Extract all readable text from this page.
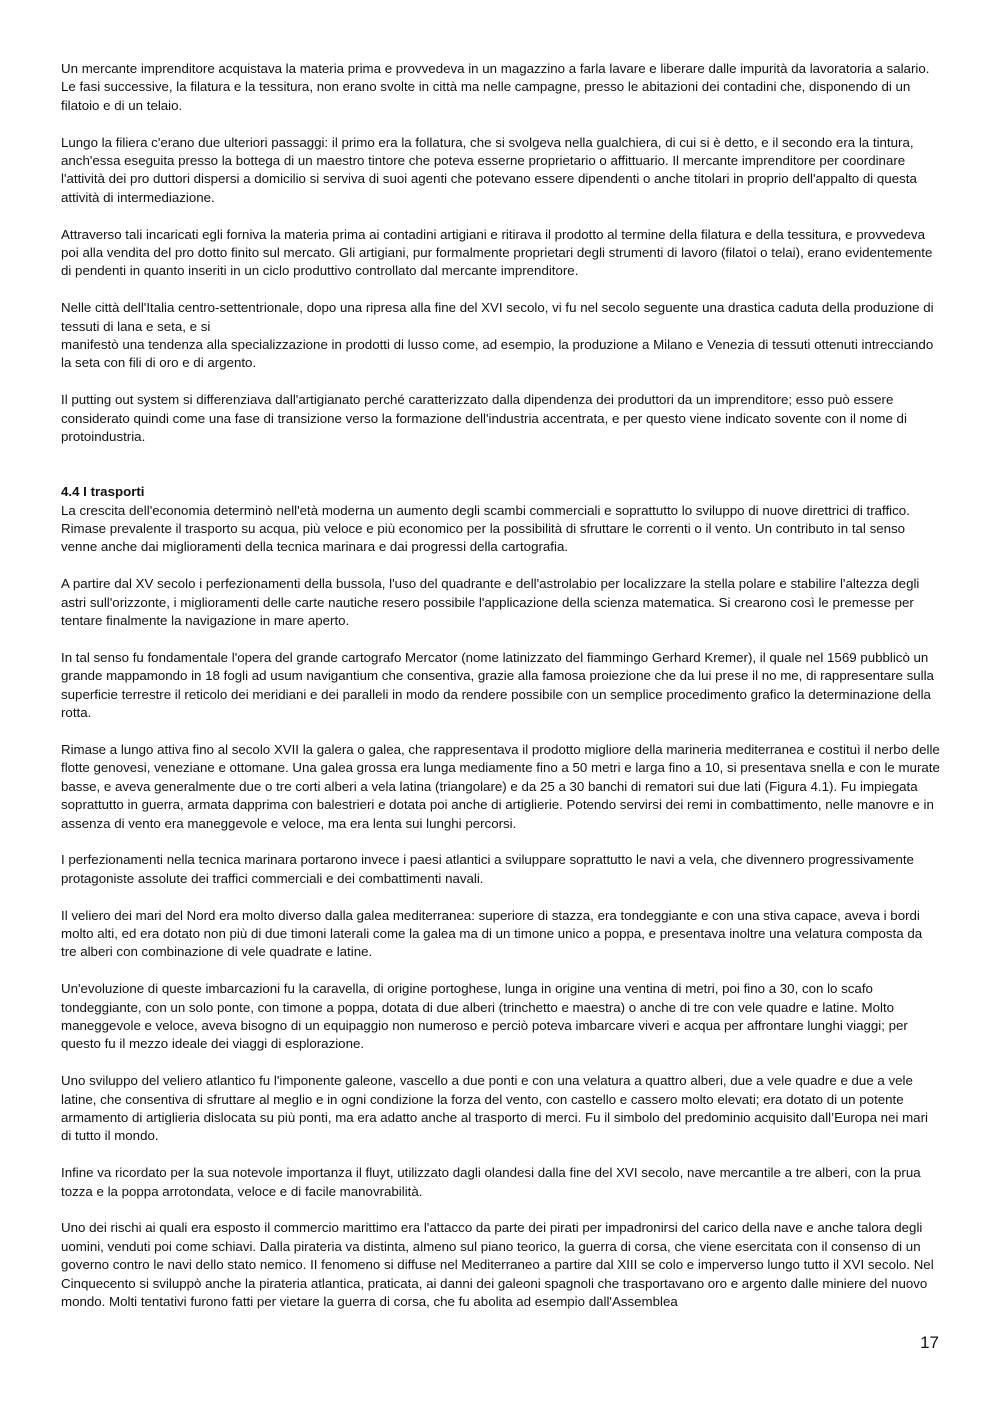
Un mercante imprenditore acquistava la materia prima e provvedeva in un magazzino a farla lavare e liberare dalle impurità da lavoratoria a salario. Le fasi successive, la filatura e la tessitura, non erano svolte in città ma nelle campagne, presso le abitazioni dei contadini che, disponendo di un filatoio e di un telaio.

Lungo la filiera c'erano due ulteriori passaggi: il primo era la follatura, che si svolgeva nella gualchiera, di cui si è detto, e il secondo era la tintura, anch'essa eseguita presso la bottega di un maestro tintore che poteva esserne proprietario o affittuario. Il mercante imprenditore per coordinare l'attività dei pro duttori dispersi a domicilio si serviva di suoi agenti che potevano essere dipendenti o anche titolari in proprio dell'appalto di questa attività di intermediazione.

Attraverso tali incaricati egli forniva la materia prima ai contadini artigiani e ritirava il prodotto al termine della filatura e della tessitura, e provvedeva poi alla vendita del pro dotto finito sul mercato. Gli artigiani, pur formalmente proprietari degli strumenti di lavoro (filatoi o telai), erano evidentemente di pendenti in quanto inseriti in un ciclo produttivo controllato dal mercante imprenditore.

Nelle città dell'Italia centro-settentrionale, dopo una ripresa alla fine del XVI secolo, vi fu nel secolo seguente una drastica caduta della produzione di tessuti di lana e seta, e si
manifestò una tendenza alla specializzazione in prodotti di lusso come, ad esempio, la produzione a Milano e Venezia di tessuti ottenuti intrecciando la seta con fili di oro e di argento.

Il putting out system si differenziava dall'artigianato perché caratterizzato dalla dipendenza dei produttori da un imprenditore; esso può essere considerato quindi come una fase di transizione verso la formazione dell'industria accentrata, e per questo viene indicato sovente con il nome di protoindustria.

4.4 I trasporti
La crescita dell'economia determinò nell'età moderna un aumento degli scambi commerciali e soprattutto lo sviluppo di nuove direttrici di traffico. Rimase prevalente il trasporto su acqua, più veloce e più economico per la possibilità di sfruttare le correnti o il vento. Un contributo in tal senso venne anche dai miglioramenti della tecnica marinara e dai progressi della cartografia.

A partire dal XV secolo i perfezionamenti della bussola, l'uso del quadrante e dell'astrolabio per localizzare la stella polare e stabilire l'altezza degli astri sull'orizzonte, i miglioramenti delle carte nautiche resero possibile l'applicazione della scienza matematica. Si crearono così le premesse per tentare finalmente la navigazione in mare aperto.

In tal senso fu fondamentale l'opera del grande cartografo Mercator (nome latinizzato del fiammingo Gerhard Kremer), il quale nel 1569 pubblicò un grande mappamondo in 18 fogli ad usum navigantium che consentiva, grazie alla famosa proiezione che da lui prese il no me, di rappresentare sulla superficie terrestre il reticolo dei meridiani e dei paralleli in modo da rendere possibile con un semplice procedimento grafico la determinazione della rotta.

Rimase a lungo attiva fino al secolo XVII la galera o galea, che rappresentava il prodotto migliore della marineria mediterranea e costituì il nerbo delle flotte genovesi, veneziane e ottomane. Una galea grossa era lunga mediamente fino a 50 metri e larga fino a 10, si presentava snella e con le murate basse, e aveva generalmente due o tre corti alberi a vela latina (triangolare) e da 25 a 30 banchi di rematori sui due lati (Figura 4.1). Fu impiegata soprattutto in guerra, armata dapprima con balestrieri e dotata poi anche di artiglierie. Potendo servirsi dei remi in combattimento, nelle manovre e in assenza di vento era maneggevole e veloce, ma era lenta sui lunghi percorsi.

I perfezionamenti nella tecnica marinara portarono invece i paesi atlantici a sviluppare soprattutto le navi a vela, che divennero progressivamente protagoniste assolute dei traffici commerciali e dei combattimenti navali.

Il veliero dei mari del Nord era molto diverso dalla galea mediterranea: superiore di stazza, era tondeggiante e con una stiva capace, aveva i bordi molto alti, ed era dotato non più di due timoni laterali come la galea ma di un timone unico a poppa, e presentava inoltre una velatura composta da tre alberi con combinazione di vele quadrate e latine.

Un'evoluzione di queste imbarcazioni fu la caravella, di origine portoghese, lunga in origine una ventina di metri, poi fino a 30, con lo scafo tondeggiante, con un solo ponte, con timone a poppa, dotata di due alberi (trinchetto e maestra) o anche di tre con vele quadre e latine. Molto maneggevole e veloce, aveva bisogno di un equipaggio non numeroso e perciò poteva imbarcare viveri e acqua per affrontare lunghi viaggi; per questo fu il mezzo ideale dei viaggi di esplorazione.

Uno sviluppo del veliero atlantico fu l'imponente galeone, vascello a due ponti e con una velatura a quattro alberi, due a vele quadre e due a vele latine, che consentiva di sfruttare al meglio e in ogni condizione la forza del vento, con castello e cassero molto elevati; era dotato di un potente armamento di artiglieria dislocata su più ponti, ma era adatto anche al trasporto di merci. Fu il simbolo del predominio acquisito dall’Europa nei mari di tutto il mondo.

Infine va ricordato per la sua notevole importanza il fluyt, utilizzato dagli olandesi dalla fine del XVI secolo, nave mercantile a tre alberi, con la prua tozza e la poppa arrotondata, veloce e di facile manovrabilità.

Uno dei rischi ai quali era esposto il commercio marittimo era l'attacco da parte dei pirati per impadronirsi del carico della nave e anche talora degli uomini, venduti poi come schiavi. Dalla pirateria va distinta, almeno sul piano teorico, la guerra di corsa, che viene esercitata con il consenso di un governo contro le navi dello stato nemico. II fenomeno si diffuse nel Mediterraneo a partire dal XIII se colo e imperverso lungo tutto il XVI secolo. Nel Cinquecento si sviluppò anche la pirateria atlantica, praticata, ai danni dei galeoni spagnoli che trasportavano oro e argento dalle miniere del nuovo mondo. Molti tentativi furono fatti per vietare la guerra di corsa, che fu abolita ad esempio dall'Assemblea

17
